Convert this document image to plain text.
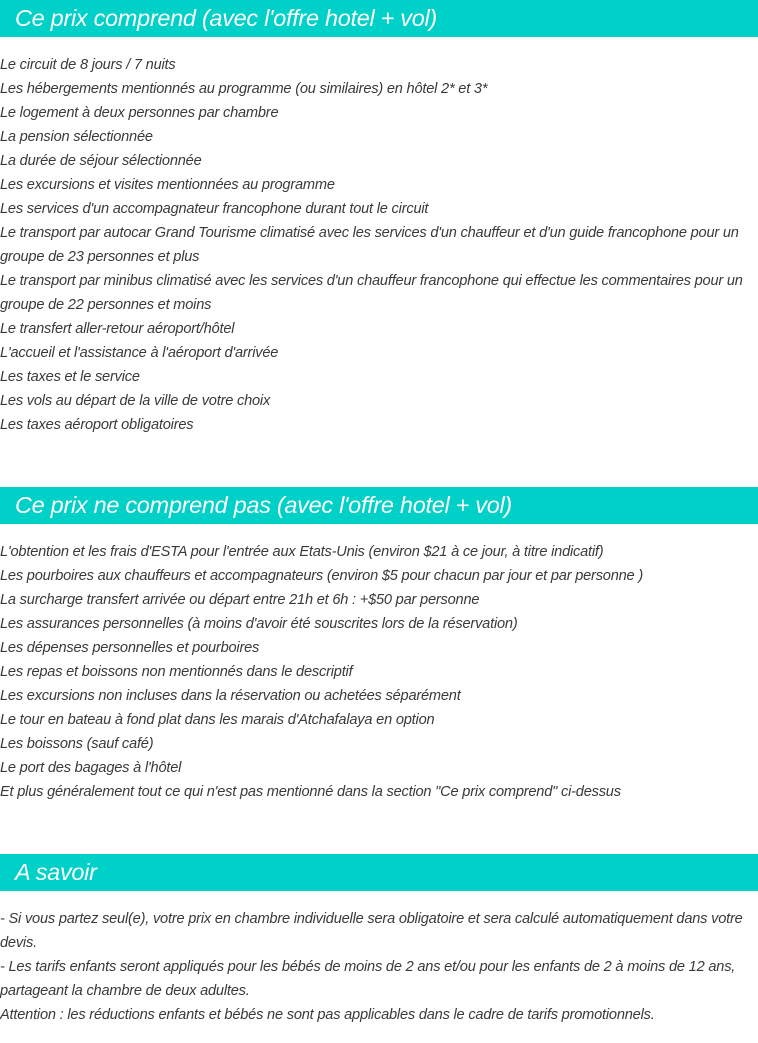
Ce prix comprend (avec l'offre hotel + vol)
Le circuit de 8 jours / 7 nuits
Les hébergements mentionnés au programme (ou similaires) en hôtel 2* et 3*
Le logement à deux personnes par chambre
La pension sélectionnée
La durée de séjour sélectionnée
Les excursions et visites mentionnées au programme
Les services d'un accompagnateur francophone durant tout le circuit
Le transport par autocar Grand Tourisme climatisé avec les services d'un chauffeur et d'un guide francophone pour un groupe de 23 personnes et plus
Le transport par minibus climatisé avec les services d'un chauffeur francophone qui effectue les commentaires pour un groupe de 22 personnes et moins
Le transfert aller-retour aéroport/hôtel
L'accueil et l'assistance à l'aéroport d'arrivée
Les taxes et le service
Les vols au départ de la ville de votre choix
Les taxes aéroport obligatoires
Ce prix ne comprend pas (avec l'offre hotel + vol)
L'obtention et les frais d'ESTA pour l'entrée aux Etats-Unis (environ $21 à ce jour, à titre indicatif)
Les pourboires aux chauffeurs et accompagnateurs (environ $5 pour chacun par jour et par personne )
La surcharge transfert arrivée ou départ entre 21h et 6h : +$50 par personne
Les assurances personnelles (à moins d'avoir été souscrites lors de la réservation)
Les dépenses personnelles et pourboires
Les repas et boissons non mentionnés dans le descriptif
Les excursions non incluses dans la réservation ou achetées séparément
Le tour en bateau à fond plat dans les marais d'Atchafalaya en option
Les boissons (sauf café)
Le port des bagages à l'hôtel
Et plus généralement tout ce qui n'est pas mentionné dans la section "Ce prix comprend" ci-dessus
A savoir
- Si vous partez seul(e), votre prix en chambre individuelle sera obligatoire et sera calculé automatiquement dans votre devis.
- Les tarifs enfants seront appliqués pour les bébés de moins de 2 ans et/ou pour les enfants de 2 à moins de 12 ans, partageant la chambre de deux adultes.
Attention : les réductions enfants et bébés ne sont pas applicables dans le cadre de tarifs promotionnels.
